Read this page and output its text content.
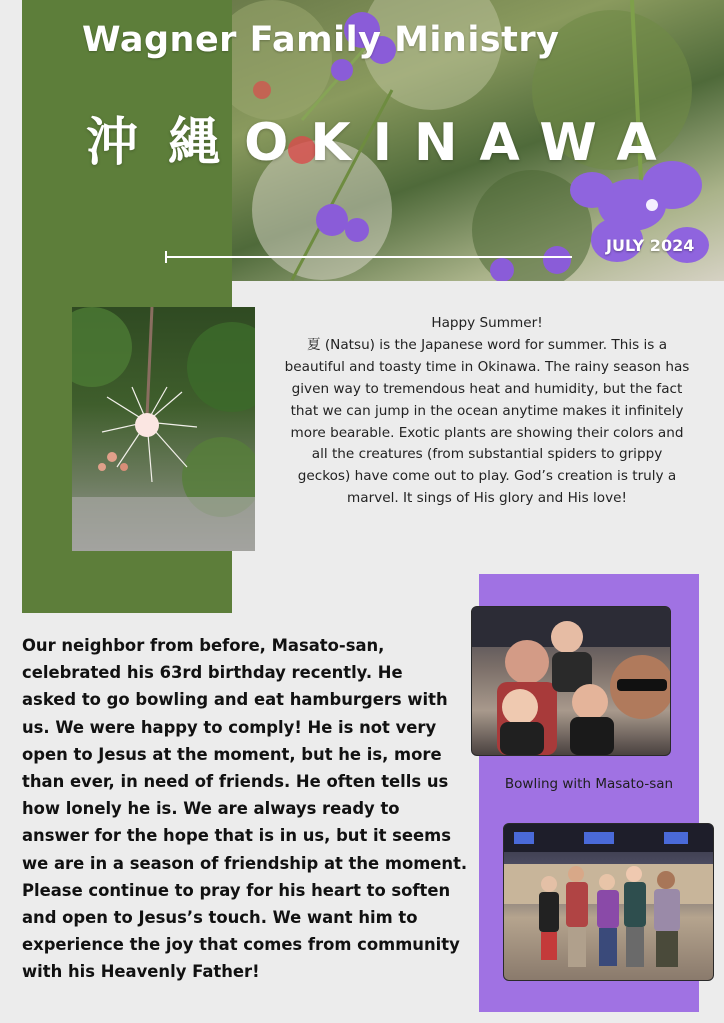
Wagner Family Ministry
沖 縄 OKINAWA
JULY 2024

Happy Summer!

夏 (Natsu) is the Japanese word for summer. This is a beautiful and toasty time in Okinawa. The rainy season has given way to tremendous heat and humidity, but the fact that we can jump in the ocean anytime makes it infinitely more bearable. Exotic plants are showing their colors and all the creatures (from substantial spiders to grippy geckos) have come out to play. God’s creation is truly a marvel. It sings of His glory and His love!

Bowling with Masato-san

Our neighbor from before, Masato-san,

celebrated his 63rd birthday recently. He

asked to go bowling and eat hamburgers with

us. We were happy to comply! He is not very

open to Jesus at the moment, but he is, more

than ever, in need of friends. He often tells us

how lonely he is. We are always ready to

answer for the hope that is in us, but it seems

we are in a season of friendship at the moment.

Please continue to pray for his heart to soften

and open to Jesus’s touch. We want him to

experience the joy that comes from community

with his Heavenly Father!
